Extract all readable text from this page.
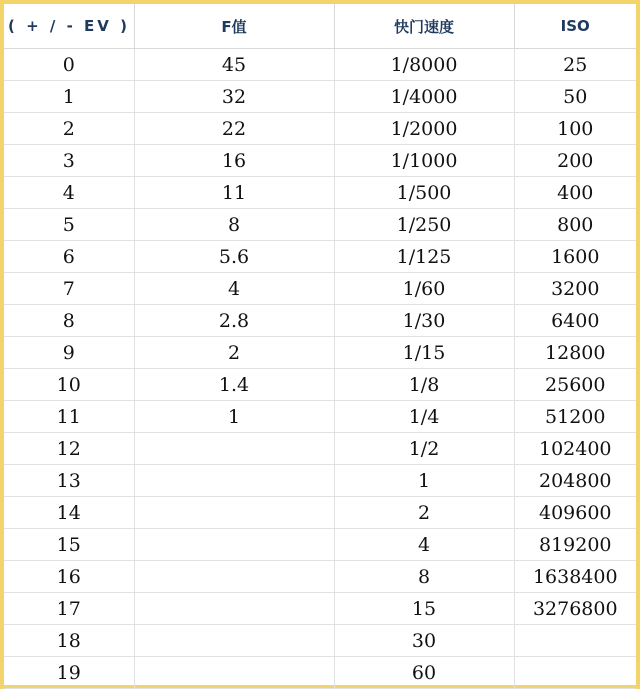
( + / - EV )	F值	快门速度	ISO
0	45	1/8000	25
1	32	1/4000	50
2	22	1/2000	100
3	16	1/1000	200
4	11	1/500	400
5	8	1/250	800
6	5.6	1/125	1600
7	4	1/60	3200
8	2.8	1/30	6400
9	2	1/15	12800
10	1.4	1/8	25600
11	1	1/4	51200
12		1/2	102400
13		1	204800
14		2	409600
15		4	819200
16		8	1638400
17		15	3276800
18		30	
19		60	
